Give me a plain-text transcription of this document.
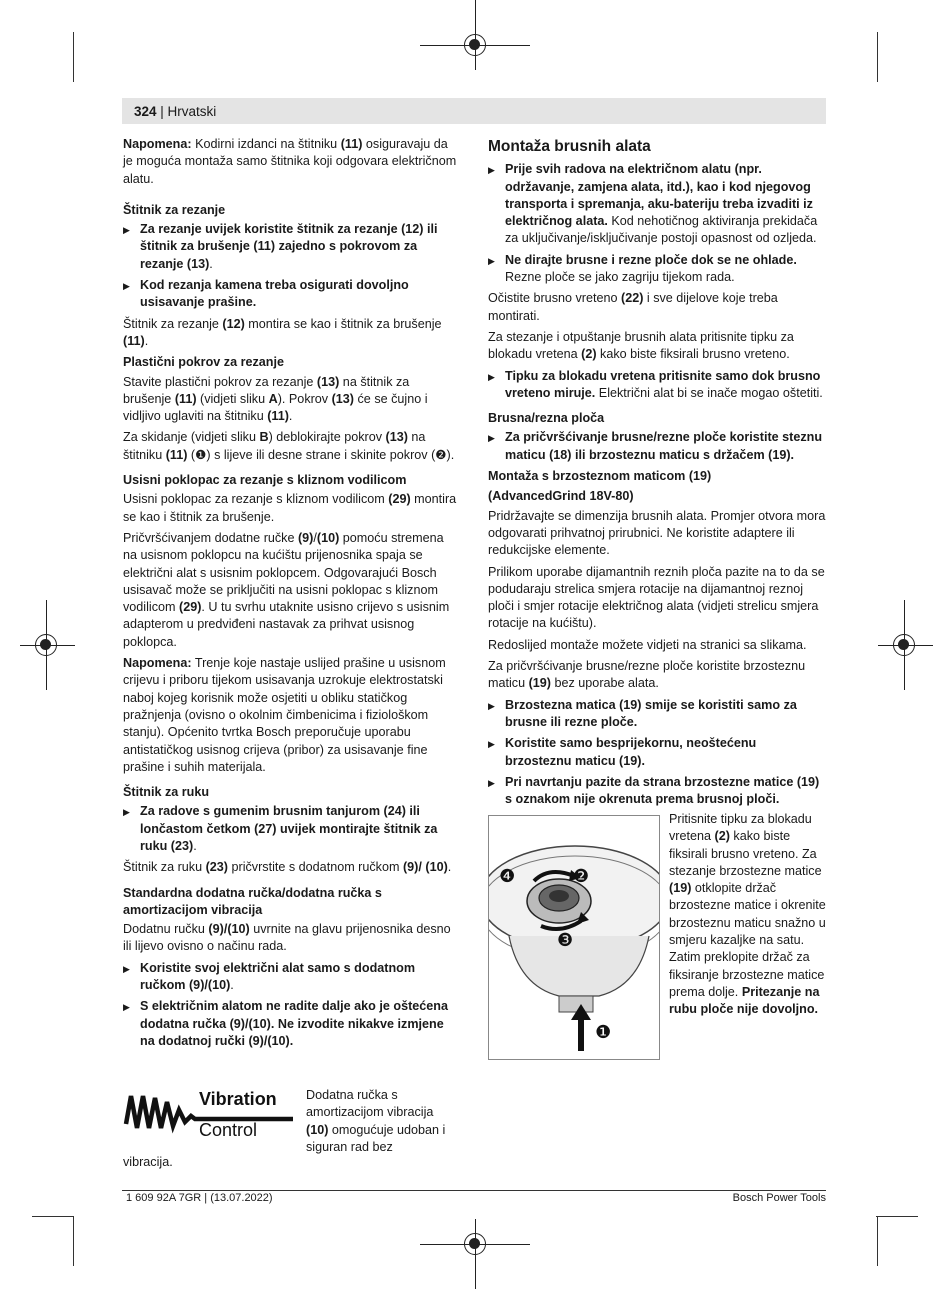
324 | Hrvatski

Napomena: Kodirni izdanci na štitniku (11) osiguravaju da je moguća montaža samo štitnika koji odgovara električnom alatu.

Štitnik za rezanje

▶ Za rezanje uvijek koristite štitnik za rezanje (12) ili štitnik za brušenje (11) zajedno s pokrovom za rezanje (13).

▶ Kod rezanja kamena treba osigurati dovoljno usisavanje prašine.

Štitnik za rezanje (12) montira se kao i štitnik za brušenje (11).

Plastični pokrov za rezanje

Stavite plastični pokrov za rezanje (13) na štitnik za brušenje (11) (vidjeti sliku A). Pokrov (13) će se čujno i vidljivo uglaviti na štitniku (11).

Za skidanje (vidjeti sliku B) deblokirajte pokrov (13) na štitniku (11) (❶) s lijeve ili desne strane i skinite pokrov (❷).

Usisni poklopac za rezanje s kliznom vodilicom

Usisni poklopac za rezanje s kliznom vodilicom (29) montira se kao i štitnik za brušenje.

Pričvršćivanjem dodatne ručke (9)/(10) pomoću stremena na usisnom poklopcu na kućištu prijenosnika spaja se električni alat s usisnim poklopcem. Odgovarajući Bosch usisavač može se priključiti na usisni poklopac s kliznom vodilicom (29). U tu svrhu utaknite usisno crijevo s usisnim adapterom u predviđeni nastavak za prihvat usisnog poklopca.

Napomena: Trenje koje nastaje uslijed prašine u usisnom crijevu i priboru tijekom usisavanja uzrokuje elektrostatski naboj kojeg korisnik može osjetiti u obliku statičkog pražnjenja (ovisno o okolnim čimbenicima i fiziološkom stanju). Općenito tvrtka Bosch preporučuje uporabu antistatičkog usisnog crijeva (pribor) za usisavanje fine prašine i suhih materijala.

Štitnik za ruku

▶ Za radove s gumenim brusnim tanjurom (24) ili lončastom četkom (27) uvijek montirajte štitnik za ruku (23).

Štitnik za ruku (23) pričvrstite s dodatnom ručkom (9)/ (10).

Standardna dodatna ručka/dodatna ručka s amortizacijom vibracija

Dodatnu ručku (9)/(10) uvrnite na glavu prijenosnika desno ili lijevo ovisno o načinu rada.

▶ Koristite svoj električni alat samo s dodatnom ručkom (9)/(10).

▶ S električnim alatom ne radite dalje ako je oštećena dodatna ručka (9)/(10). Ne izvodite nikakve izmjene na dodatnoj ručki (9)/(10).

Vibration
Control
Dodatna ručka s amortizacijom vibracija (10) omogućuje udoban i siguran rad bez
vibracija.

Montaža brusnih alata

▶ Prije svih radova na električnom alatu (npr. održavanje, zamjena alata, itd.), kao i kod njegovog transporta i spremanja, aku-bateriju treba izvaditi iz električnog alata. Kod nehotičnog aktiviranja prekidača za uključivanje/isključivanje postoji opasnost od ozljeda.

▶ Ne dirajte brusne i rezne ploče dok se ne ohlade. Rezne ploče se jako zagriju tijekom rada.

Očistite brusno vreteno (22) i sve dijelove koje treba montirati.

Za stezanje i otpuštanje brusnih alata pritisnite tipku za blokadu vretena (2) kako biste fiksirali brusno vreteno.

▶ Tipku za blokadu vretena pritisnite samo dok brusno vreteno miruje. Električni alat bi se inače mogao oštetiti.

Brusna/rezna ploča

▶ Za pričvršćivanje brusne/rezne ploče koristite steznu maticu (18) ili brzosteznu maticu s držačem (19).

Montaža s brzosteznom maticom (19)

(AdvancedGrind 18V-80)

Pridržavajte se dimenzija brusnih alata. Promjer otvora mora odgovarati prihvatnoj prirubnici. Ne koristite adaptere ili redukcijske elemente.

Prilikom uporabe dijamantnih reznih ploča pazite na to da se podudaraju strelica smjera rotacije na dijamantnoj reznoj ploči i smjer rotacije električnog alata (vidjeti strelicu smjera rotacije na kućištu).

Redoslijed montaže možete vidjeti na stranici sa slikama.

Za pričvršćivanje brusne/rezne ploče koristite brzosteznu maticu (19) bez uporabe alata.

▶ Brzostezna matica (19) smije se koristiti samo za brusne ili rezne ploče.

▶ Koristite samo besprijekornu, neoštećenu brzosteznu maticu (19).

▶ Pri navrtanju pazite da strana brzostezne matice (19) s oznakom nije okrenuta prema brusnoj ploči.

❹	❷
❸
❶
Pritisnite tipku za blokadu vretena (2) kako biste fiksirali brusno vreteno. Za stezanje brzostezne matice (19) otklopite držač brzostezne matice i okrenite brzosteznu maticu snažno u smjeru kazaljke na satu. Zatim preklopite držač za fiksiranje brzostezne matice prema dolje. Pritezanje na rubu ploče nije dovoljno.
1 609 92A 7GR | (13.07.2022)	Bosch Power Tools
